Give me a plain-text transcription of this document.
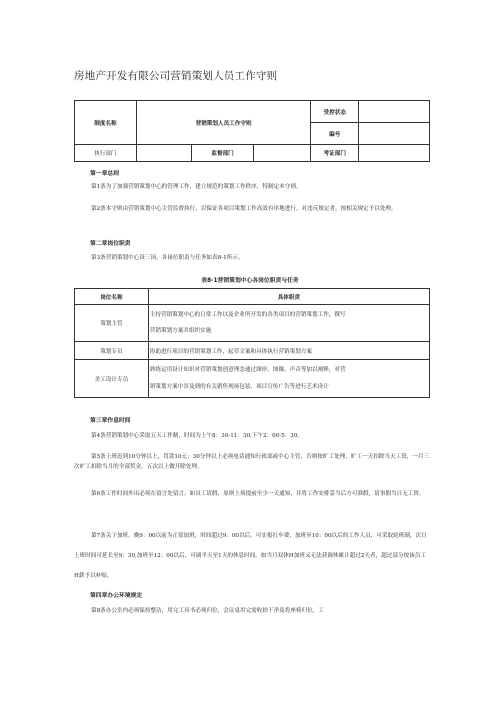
房地产开发有限公司营销策划人员工作守则
制度名称	营销策划人员工作守则			受控状态	
				编号	
执行部门		监督部门		考证部门	
第一章总则
第1条为了加强营销策划中心的管理工作，建立规范的策划工作秩序，特制定本守则。
第2条本守则由营销策划中心主管监督执行，以保证各项目策划工作高效有序地进行。对违反规定者，按相关规定予以处理。
第二章岗位职责
第3条营销策划中心设三岗，各岗位职责与任务如表8-1所示。
表8-1营销策划中心各岗位职责与任务
岗位名称	具体职责
策划主管	主持营销策划中心的日常工作以及企业所开发的各类项目的营销策划工作，撰写
营销策划方案并组织实施

策划专员	协助进行项目的营销策划工作，起草文案和具体执行营销策划方案
美工设计专员	熟练运用设计知识对营销策划创意理念通过图形、图像、声音等加以阐释，对营
销策划方案中涉及到的有关销售现场包装、项目宣传广告等进行艺术设计
第三章作息时间
第4条营销策划中心采取五天工作制，时间为上午8：30-11：30,下午2：00-5：30。
第5条上班迟到10分钟以上，罚款10元；30分钟以上必须电话通知行政部或中心主管，否则按旷工处理，旷工一天扣除当天工资，一月三次旷工扣除当月的全部奖金，五次以上做开除处理。
第6条工作时间外出必须在留言处留言。如员工请假，原则上须提前至少一天通知，并将工作安排妥当后方可准假，请事假当日无工资。
第7条关于加班。晚9：00以前为正常加班，时间超过9：00以后，可实报打车费，加班至10：00以后的工作人员，可采取轮班制，次日上班时间可延长至9：30,加班至12：00以后，可调半天至1天的休息时间。如当月双休H加班又无法获调休累计超过2天者，超过部分按该员工H薪予以补贴。
第四章办公环境规定
第8条办公室内必须保持整洁，用完工具书必须归位，会议桌用完需收拾干净及将座椅归位，工
